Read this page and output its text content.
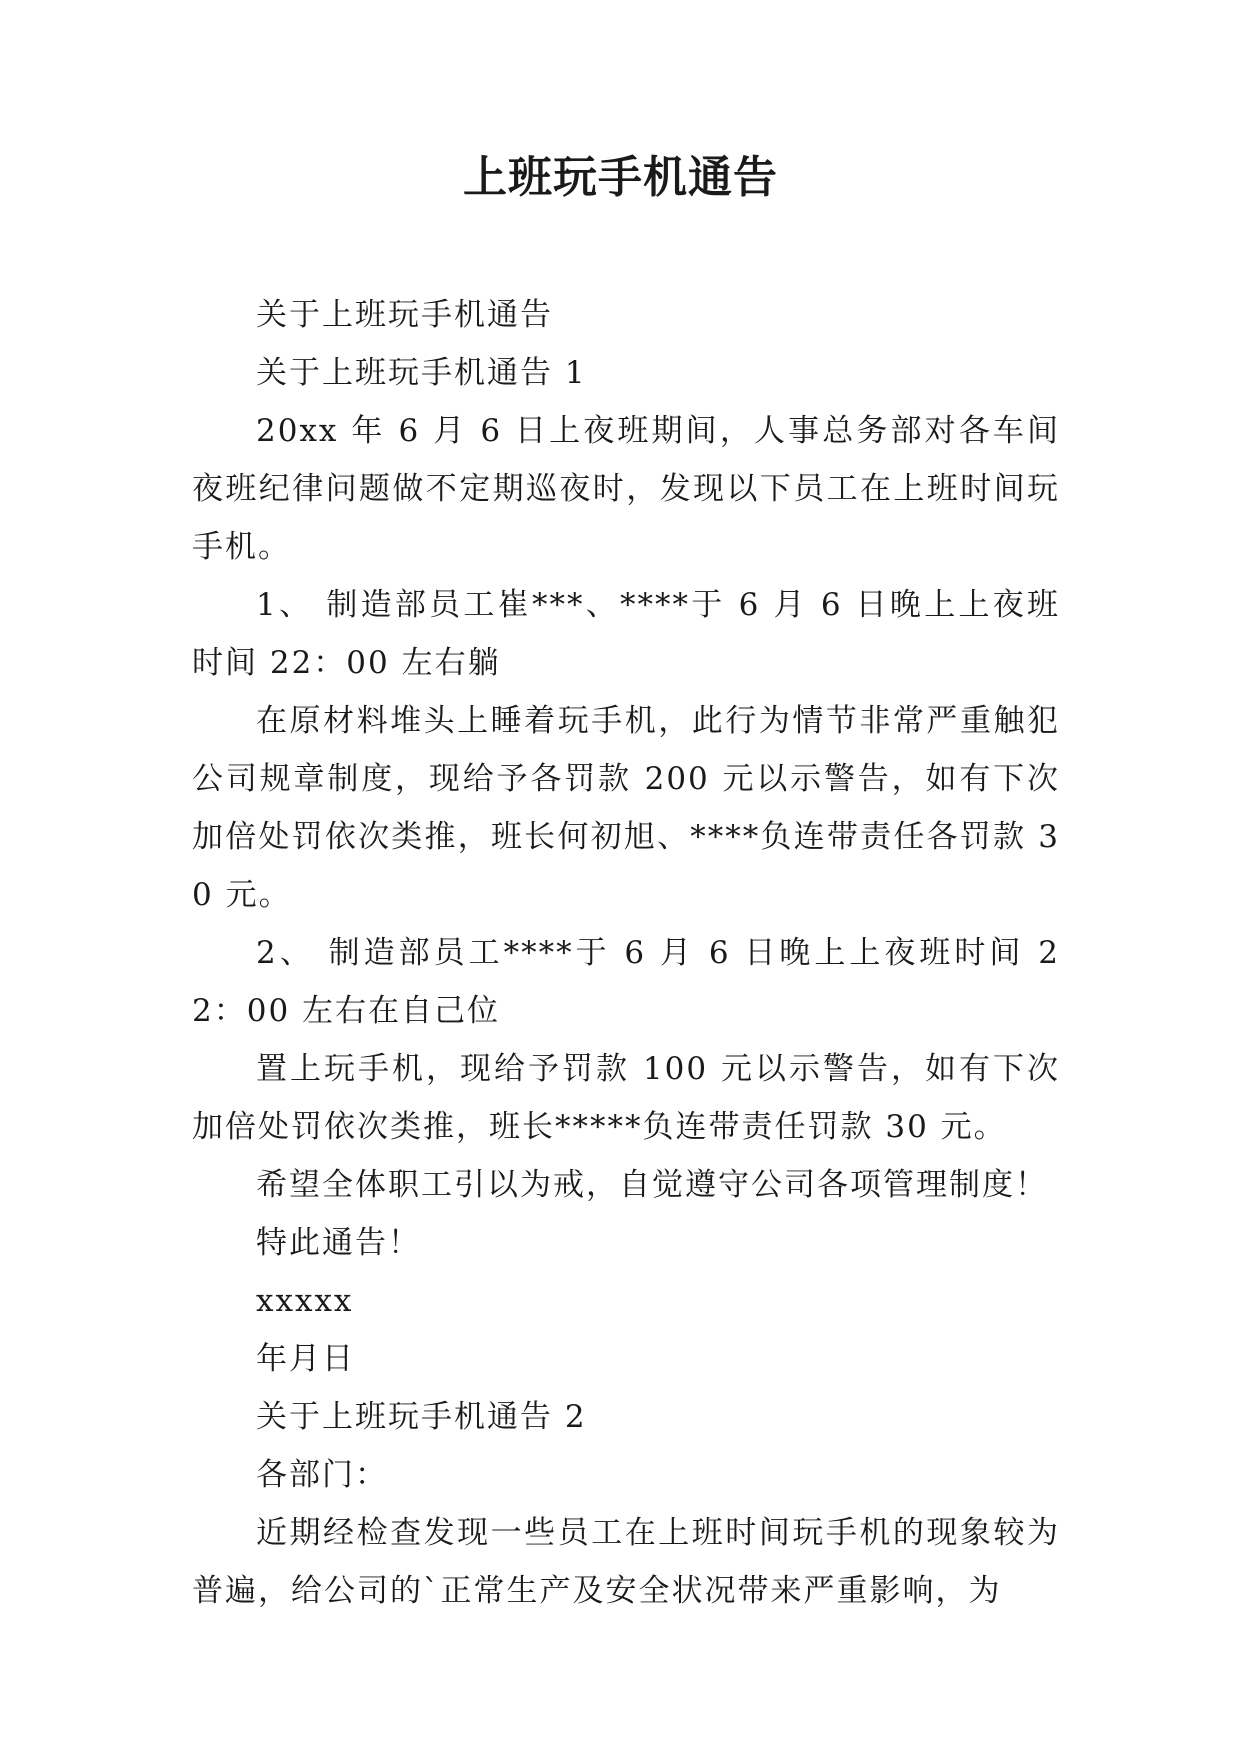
上班玩手机通告

关于上班玩手机通告

关于上班玩手机通告 1

20xx 年 6 月 6 日上夜班期间，人事总务部对各车间夜班纪律问题做不定期巡夜时，发现以下员工在上班时间玩手机。

1、 制造部员工崔***、****于 6 月 6 日晚上上夜班时间 22：00 左右躺

在原材料堆头上睡着玩手机，此行为情节非常严重触犯公司规章制度，现给予各罚款 200 元以示警告，如有下次加倍处罚依次类推，班长何初旭、****负连带责任各罚款 30 元。

2、 制造部员工****于 6 月 6 日晚上上夜班时间 22：00 左右在自己位

置上玩手机，现给予罚款 100 元以示警告，如有下次加倍处罚依次类推，班长*****负连带责任罚款 30 元。

希望全体职工引以为戒，自觉遵守公司各项管理制度！

特此通告！

xxxxx

年月日

关于上班玩手机通告 2

各部门：

近期经检查发现一些员工在上班时间玩手机的现象较为普遍，给公司的`正常生产及安全状况带来严重影响，为
